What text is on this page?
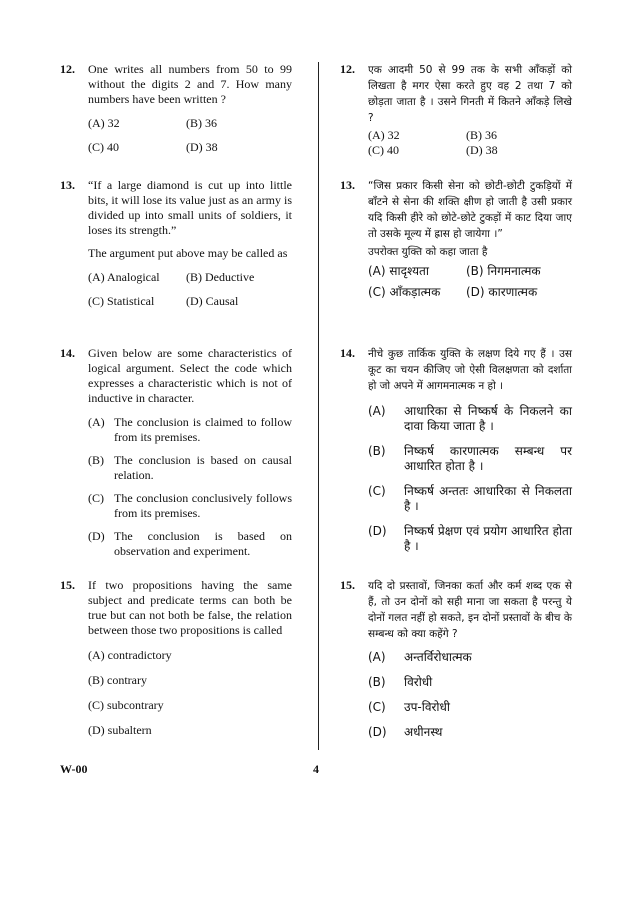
12. One writes all numbers from 50 to 99 without the digits 2 and 7. How many numbers have been written ?
(A) 32	(B) 36
(C) 40	(D) 38
13. “If a large diamond is cut up into little bits, it will lose its value just as an army is divided up into small units of soldiers, it loses its strength.”
The argument put above may be called as
(A) Analogical	(B) Deductive
(C) Statistical	(D) Causal
14. Given below are some characteristics of logical argument. Select the code which expresses a characteristic which is not of inductive in character.
(A) The conclusion is claimed to follow from its premises.
(B) The conclusion is based on causal relation.
(C) The conclusion conclusively follows from its premises.
(D) The conclusion is based on observation and experiment.
15. If two propositions having the same subject and predicate terms can both be true but can not both be false, the relation between those two propositions is called
(A) contradictory
(B) contrary
(C) subcontrary
(D) subaltern
12. एक आदमी 50 से 99 तक के सभी आँकड़ों को लिखता है मगर ऐसा करते हुए वह 2 तथा 7 को छोड़ता जाता है । उसने गिनती में कितने आँकड़े लिखे ?
(A) 32	(B) 36
(C) 40	(D) 38
13. “जिस प्रकार किसी सेना को छोटी-छोटी टुकड़ियों में बाँटने से सेना की शक्ति क्षीण हो जाती है उसी प्रकार यदि किसी हीरे को छोटे-छोटे टुकड़ों में काट दिया जाए तो उसके मूल्य में ह्रास हो जायेगा ।”
उपरोक्त युक्ति को कहा जाता है
(A) सादृश्यता	(B) निगमनात्मक
(C) आँकड़ात्मक	(D) कारणात्मक
14. नीचे कुछ तार्किक युक्ति के लक्षण दिये गए हैं । उस कूट का चयन कीजिए जो ऐसी विलक्षणता को दर्शाता हो जो अपने में आगमनात्मक न हो ।
(A)	आधारिका से निष्कर्ष के निकलने का दावा किया जाता है ।
(B)	निष्कर्ष कारणात्मक सम्बन्ध पर आधारित होता है ।
(C)	निष्कर्ष अन्ततः आधारिका से निकलता है ।
(D)	निष्कर्ष प्रेक्षण एवं प्रयोग आधारित होता है ।
15. यदि दो प्रस्तावों, जिनका कर्ता और कर्म शब्द एक से हैं, तो उन दोनों को सही माना जा सकता है परन्तु ये दोनों गलत नहीं हो सकते, इन दोनों प्रस्तावों के बीच के सम्बन्ध को क्या कहेंगे ?
(A)	अन्तर्विरोधात्मक
(B)	विरोधी
(C)	उप-विरोधी
(D)	अधीनस्थ
W-00	4
